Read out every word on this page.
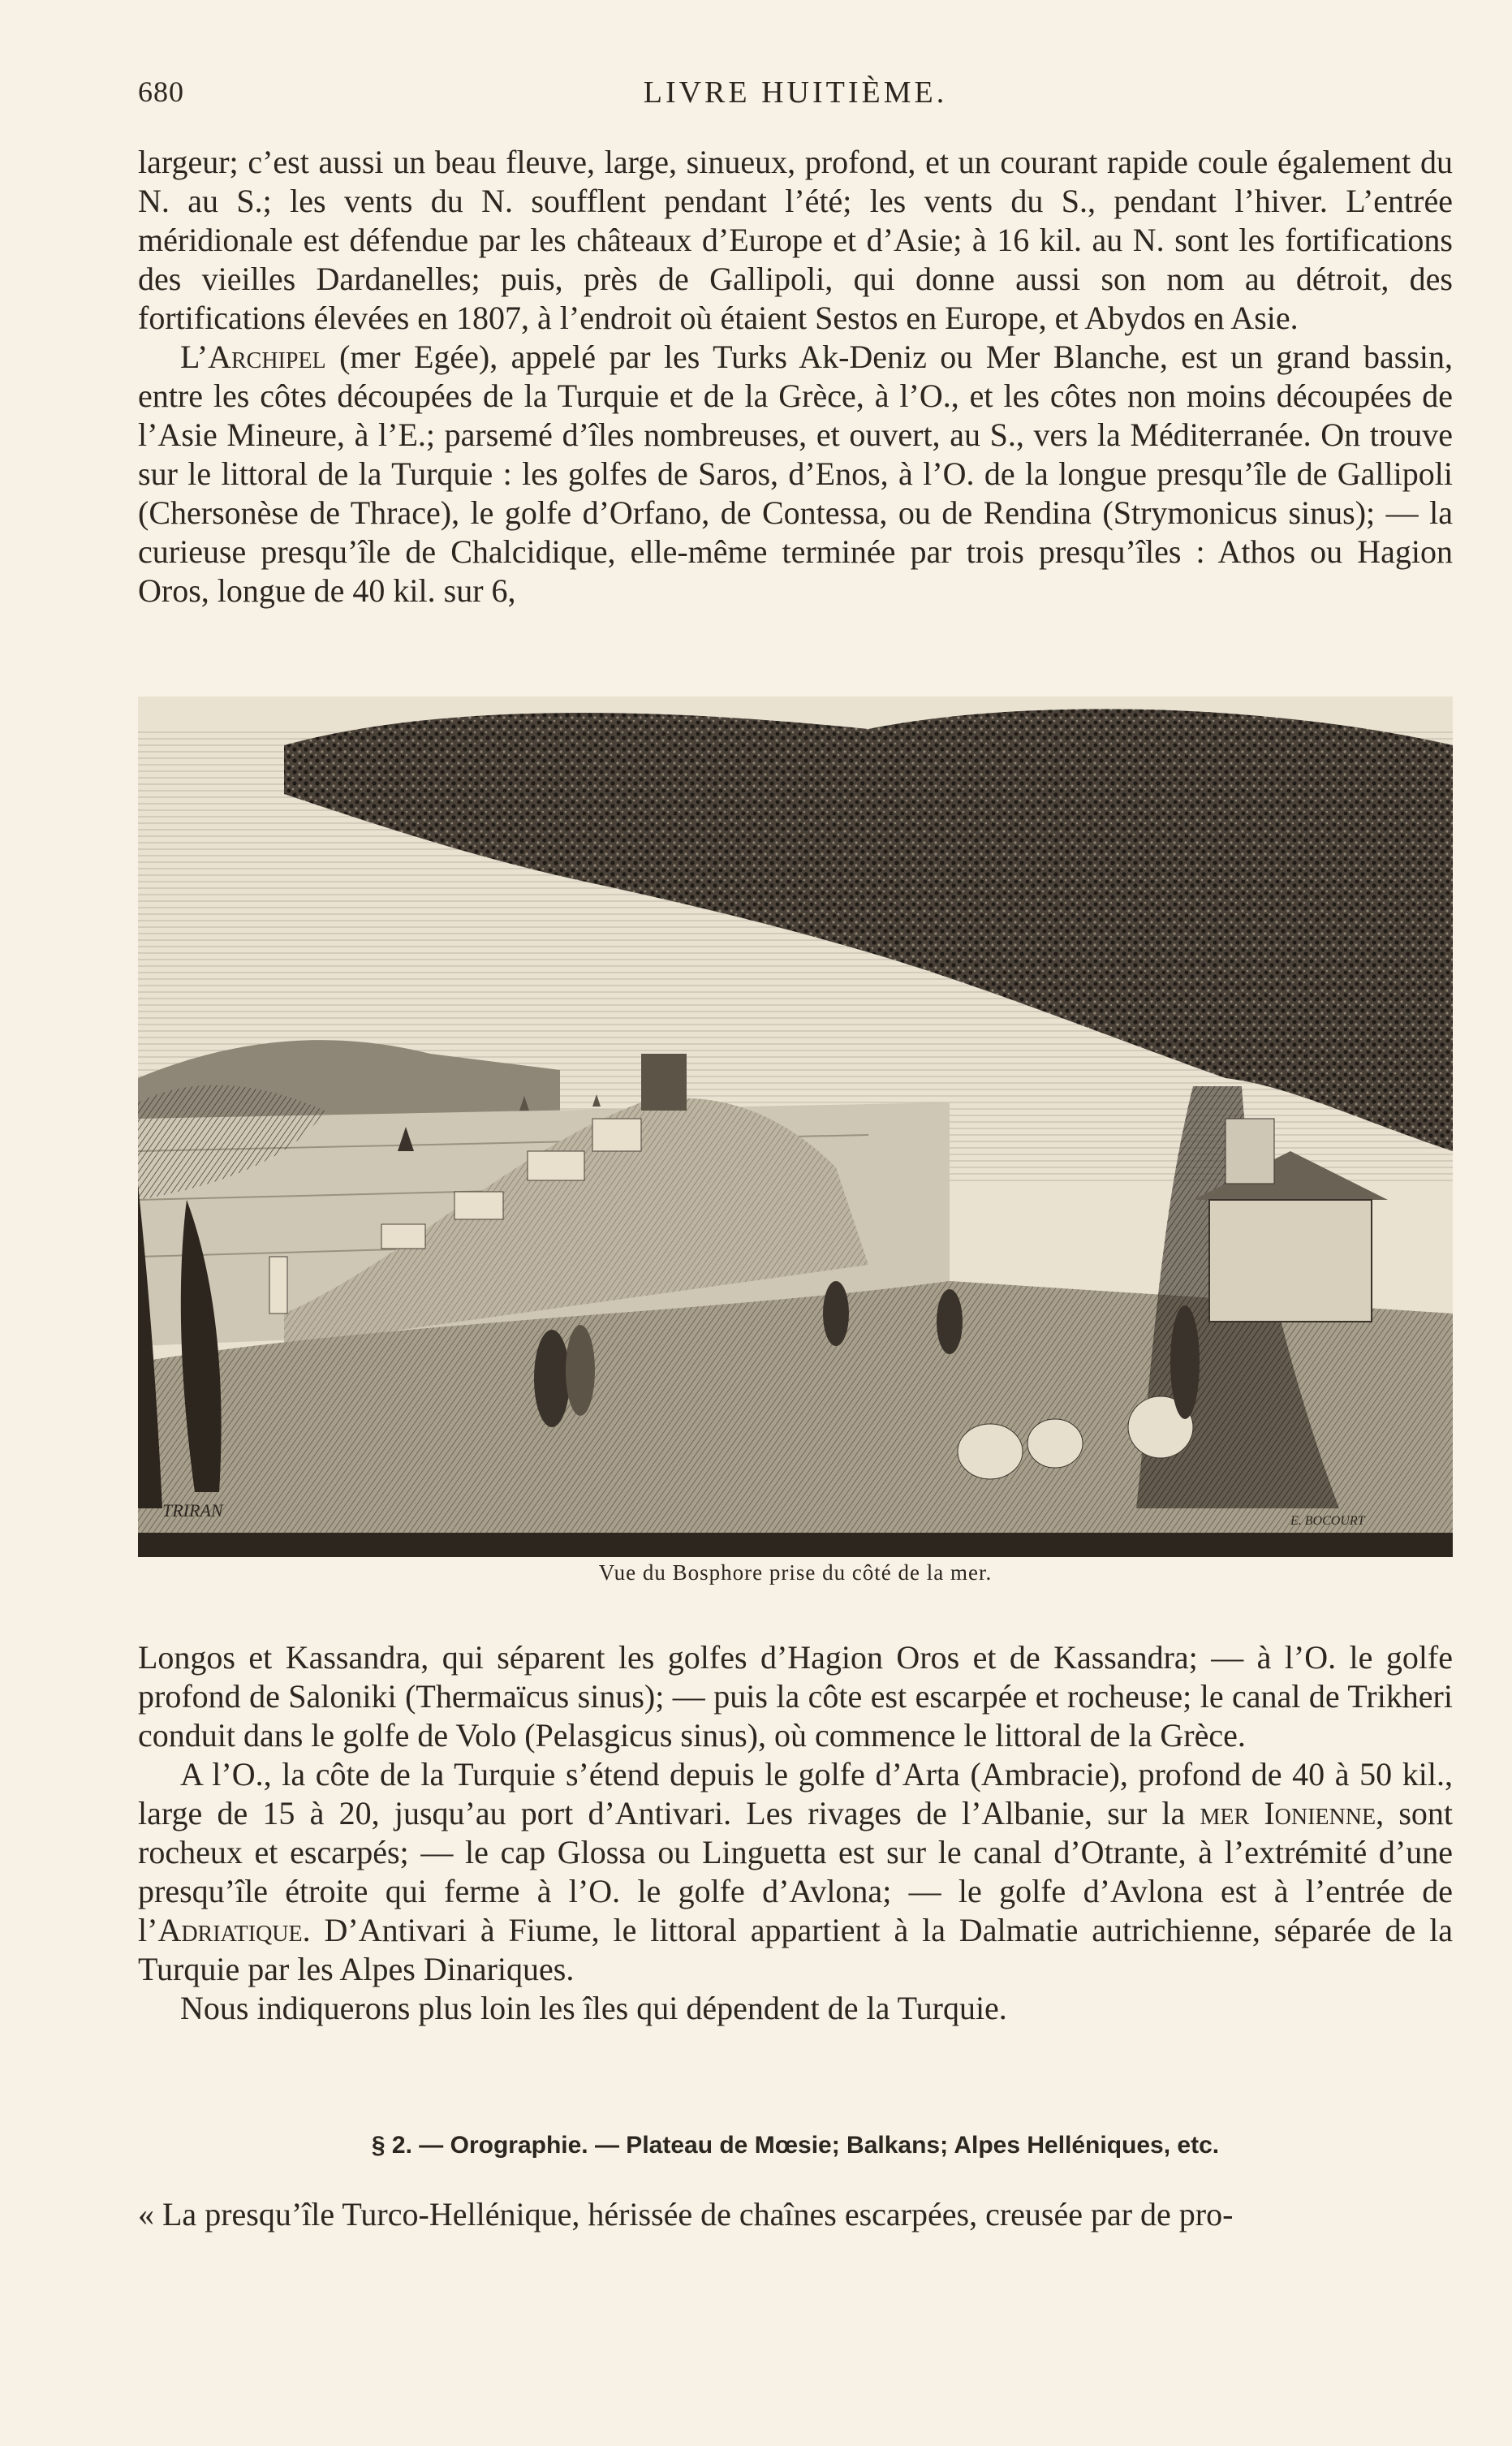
680	LIVRE HUITIÈME.

largeur; c’est aussi un beau fleuve, large, sinueux, profond, et un courant rapide coule également du N. au S.; les vents du N. soufflent pendant l’été; les vents du S., pendant l’hiver. L’entrée méridionale est défendue par les châteaux d’Europe et d’Asie; à 16 kil. au N. sont les fortifications des vieilles Dardanelles; puis, près de Gallipoli, qui donne aussi son nom au détroit, des fortifications élevées en 1807, à l’endroit où étaient Sestos en Europe, et Abydos en Asie.

L’Archipel (mer Egée), appelé par les Turks Ak-Deniz ou Mer Blanche, est un grand bassin, entre les côtes découpées de la Turquie et de la Grèce, à l’O., et les côtes non moins découpées de l’Asie Mineure, à l’E.; parsemé d’îles nombreuses, et ouvert, au S., vers la Méditerranée. On trouve sur le littoral de la Turquie : les golfes de Saros, d’Enos, à l’O. de la longue presqu’île de Gallipoli (Chersonèse de Thrace), le golfe d’Orfano, de Contessa, ou de Rendina (Strymonicus sinus); — la curieuse presqu’île de Chalcidique, elle-même terminée par trois presqu’îles : Athos ou Hagion Oros, longue de 40 kil. sur 6,

TRIRAN
E. BOCOURT
Vue du Bosphore prise du côté de la mer.

Longos et Kassandra, qui séparent les golfes d’Hagion Oros et de Kassandra; — à l’O. le golfe profond de Saloniki (Thermaïcus sinus); — puis la côte est escarpée et rocheuse; le canal de Trikheri conduit dans le golfe de Volo (Pelasgicus sinus), où commence le littoral de la Grèce.

A l’O., la côte de la Turquie s’étend depuis le golfe d’Arta (Ambracie), profond de 40 à 50 kil., large de 15 à 20, jusqu’au port d’Antivari. Les rivages de l’Albanie, sur la mer Ionienne, sont rocheux et escarpés; — le cap Glossa ou Linguetta est sur le canal d’Otrante, à l’extrémité d’une presqu’île étroite qui ferme à l’O. le golfe d’Avlona; — le golfe d’Avlona est à l’entrée de l’Adriatique. D’Antivari à Fiume, le littoral appartient à la Dalmatie autrichienne, séparée de la Turquie par les Alpes Dinariques.

Nous indiquerons plus loin les îles qui dépendent de la Turquie.

§ 2. — Orographie. — Plateau de Mœsie; Balkans; Alpes Helléniques, etc.
« La presqu’île Turco-Hellénique, hérissée de chaînes escarpées, creusée par de pro-
